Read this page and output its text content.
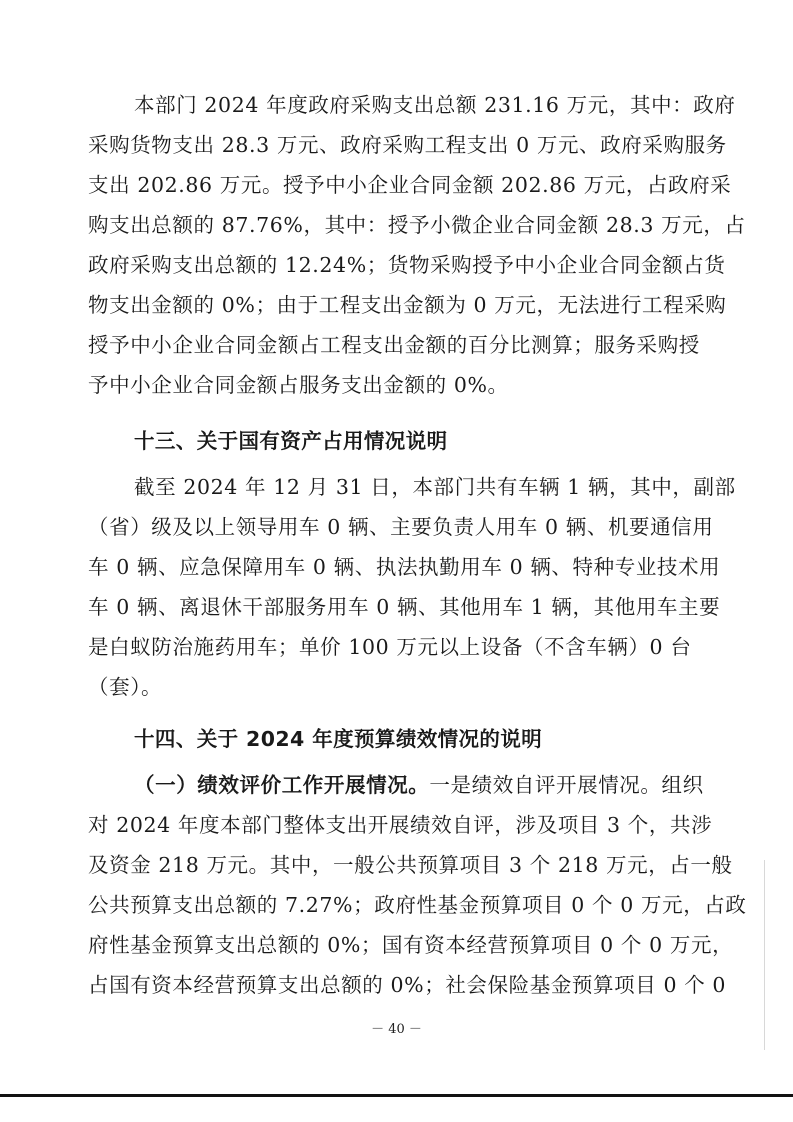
本部门 2024 年度政府采购支出总额 231.16 万元，其中：政府
采购货物支出 28.3 万元、政府采购工程支出 0 万元、政府采购服务
支出 202.86 万元。授予中小企业合同金额 202.86 万元，占政府采
购支出总额的 87.76%，其中：授予小微企业合同金额 28.3 万元，占
政府采购支出总额的 12.24%；货物采购授予中小企业合同金额占货
物支出金额的 0%；由于工程支出金额为 0 万元，无法进行工程采购
授予中小企业合同金额占工程支出金额的百分比测算；服务采购授
予中小企业合同金额占服务支出金额的 0%。
十三、关于国有资产占用情况说明
截至 2024 年 12 月 31 日，本部门共有车辆 1 辆，其中，副部
（省）级及以上领导用车 0 辆、主要负责人用车 0 辆、机要通信用
车 0 辆、应急保障用车 0 辆、执法执勤用车 0 辆、特种专业技术用
车 0 辆、离退休干部服务用车 0 辆、其他用车 1 辆，其他用车主要
是白蚁防治施药用车；单价 100 万元以上设备（不含车辆）0 台
（套）。
十四、关于 2024 年度预算绩效情况的说明
（一）绩效评价工作开展情况。一是绩效自评开展情况。组织
对 2024 年度本部门整体支出开展绩效自评，涉及项目 3 个，共涉
及资金 218 万元。其中，一般公共预算项目 3 个 218 万元，占一般
公共预算支出总额的 7.27%；政府性基金预算项目 0 个 0 万元，占政
府性基金预算支出总额的 0%；国有资本经营预算项目 0 个 0 万元，
占国有资本经营预算支出总额的 0%；社会保险基金预算项目 0 个 0
－ 40 －
